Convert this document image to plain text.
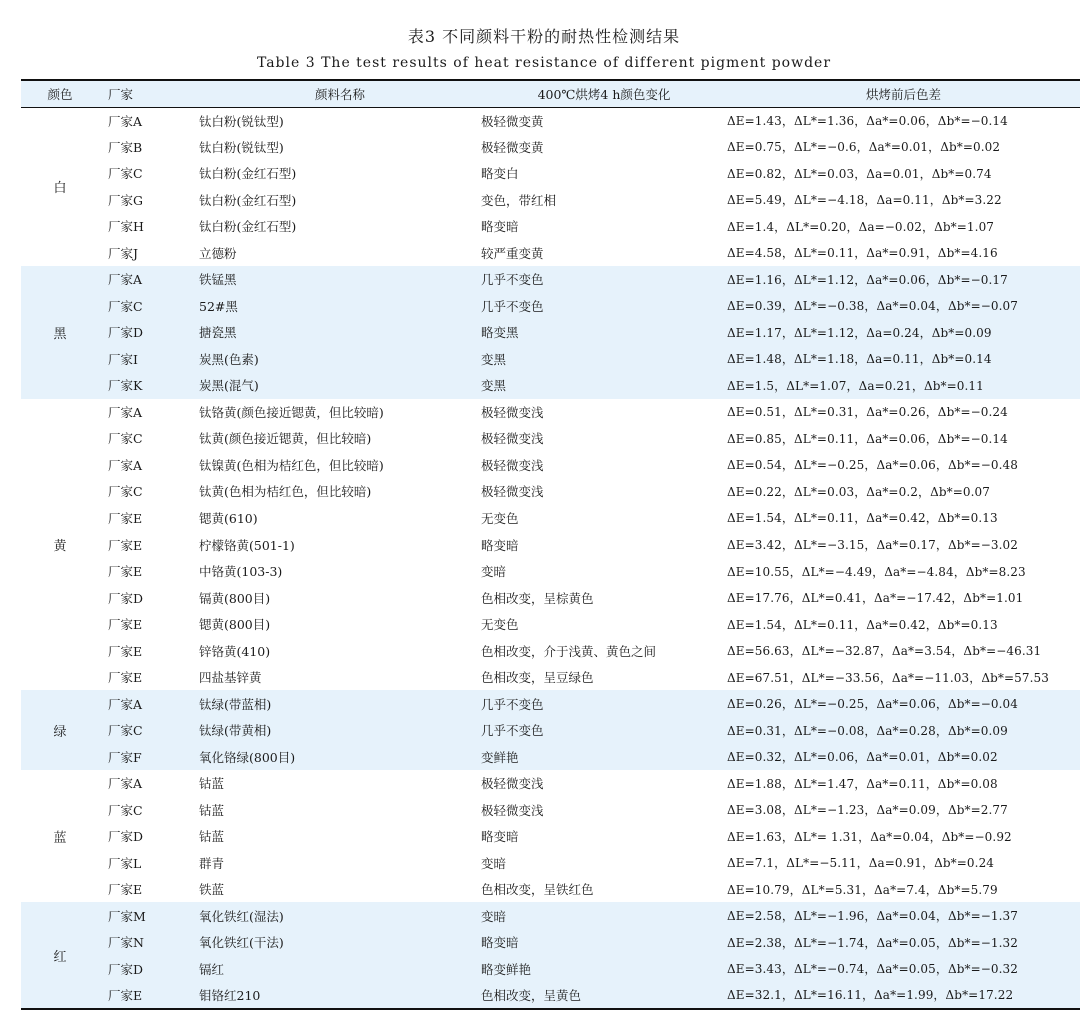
表3 不同颜料干粉的耐热性检测结果
Table 3 The test results of heat resistance of different pigment powder
颜色	厂家	颜料名称	400℃烘烤4 h颜色变化	烘烤前后色差
白	厂家A	钛白粉(锐钛型)	极轻微变黄	ΔE=1.43，ΔL*=1.36，Δa*=0.06，Δb*=−0.14
	厂家B	钛白粉(锐钛型)	极轻微变黄	ΔE=0.75，ΔL*=−0.6，Δa*=0.01，Δb*=0.02
	厂家C	钛白粉(金红石型)	略变白	ΔE=0.82，ΔL*=0.03，Δa=0.01，Δb*=0.74
	厂家G	钛白粉(金红石型)	变色，带红相	ΔE=5.49，ΔL*=−4.18，Δa=0.11，Δb*=3.22
	厂家H	钛白粉(金红石型)	略变暗	ΔE=1.4，ΔL*=0.20，Δa=−0.02，Δb*=1.07
	厂家J	立德粉	较严重变黄	ΔE=4.58，ΔL*=0.11，Δa*=0.91，Δb*=4.16
黑	厂家A	铁锰黑	几乎不变色	ΔE=1.16，ΔL*=1.12，Δa*=0.06，Δb*=−0.17
	厂家C	52#黑	几乎不变色	ΔE=0.39，ΔL*=−0.38，Δa*=0.04，Δb*=−0.07
	厂家D	搪瓷黑	略变黑	ΔE=1.17，ΔL*=1.12，Δa=0.24，Δb*=0.09
	厂家I	炭黑(色素)	变黑	ΔE=1.48，ΔL*=1.18，Δa=0.11，Δb*=0.14
	厂家K	炭黑(混气)	变黑	ΔE=1.5，ΔL*=1.07，Δa=0.21，Δb*=0.11
黄	厂家A	钛铬黄(颜色接近锶黄，但比较暗)	极轻微变浅	ΔE=0.51，ΔL*=0.31，Δa*=0.26，Δb*=−0.24
	厂家C	钛黄(颜色接近锶黄，但比较暗)	极轻微变浅	ΔE=0.85，ΔL*=0.11，Δa*=0.06，Δb*=−0.14
	厂家A	钛镍黄(色相为桔红色，但比较暗)	极轻微变浅	ΔE=0.54，ΔL*=−0.25，Δa*=0.06，Δb*=−0.48
	厂家C	钛黄(色相为桔红色，但比较暗)	极轻微变浅	ΔE=0.22，ΔL*=0.03，Δa*=0.2，Δb*=0.07
	厂家E	锶黄(610)	无变色	ΔE=1.54，ΔL*=0.11，Δa*=0.42，Δb*=0.13
	厂家E	柠檬铬黄(501-1)	略变暗	ΔE=3.42，ΔL*=−3.15，Δa*=0.17，Δb*=−3.02
	厂家E	中铬黄(103-3)	变暗	ΔE=10.55，ΔL*=−4.49，Δa*=−4.84，Δb*=8.23
	厂家D	镉黄(800目)	色相改变，呈棕黄色	ΔE=17.76，ΔL*=0.41，Δa*=−17.42，Δb*=1.01
	厂家E	锶黄(800目)	无变色	ΔE=1.54，ΔL*=0.11，Δa*=0.42，Δb*=0.13
	厂家E	锌铬黄(410)	色相改变，介于浅黄、黄色之间	ΔE=56.63，ΔL*=−32.87，Δa*=3.54，Δb*=−46.31
	厂家E	四盐基锌黄	色相改变，呈豆绿色	ΔE=67.51，ΔL*=−33.56，Δa*=−11.03，Δb*=57.53
绿	厂家A	钛绿(带蓝相)	几乎不变色	ΔE=0.26，ΔL*=−0.25，Δa*=0.06，Δb*=−0.04
	厂家C	钛绿(带黄相)	几乎不变色	ΔE=0.31，ΔL*=−0.08，Δa*=0.28，Δb*=0.09
	厂家F	氧化铬绿(800目)	变鲜艳	ΔE=0.32，ΔL*=0.06，Δa*=0.01，Δb*=0.02
蓝	厂家A	钴蓝	极轻微变浅	ΔE=1.88，ΔL*=1.47，Δa*=0.11，Δb*=0.08
	厂家C	钴蓝	极轻微变浅	ΔE=3.08，ΔL*=−1.23，Δa*=0.09，Δb*=2.77
	厂家D	钴蓝	略变暗	ΔE=1.63，ΔL*= 1.31，Δa*=0.04，Δb*=−0.92
	厂家L	群青	变暗	ΔE=7.1，ΔL*=−5.11，Δa=0.91，Δb*=0.24
	厂家E	铁蓝	色相改变，呈铁红色	ΔE=10.79，ΔL*=5.31，Δa*=7.4，Δb*=5.79
红	厂家M	氧化铁红(湿法)	变暗	ΔE=2.58，ΔL*=−1.96，Δa*=0.04，Δb*=−1.37
	厂家N	氧化铁红(干法)	略变暗	ΔE=2.38，ΔL*=−1.74，Δa*=0.05，Δb*=−1.32
	厂家D	镉红	略变鲜艳	ΔE=3.43，ΔL*=−0.74，Δa*=0.05，Δb*=−0.32
	厂家E	钼铬红210	色相改变，呈黄色	ΔE=32.1，ΔL*=16.11，Δa*=1.99，Δb*=17.22
